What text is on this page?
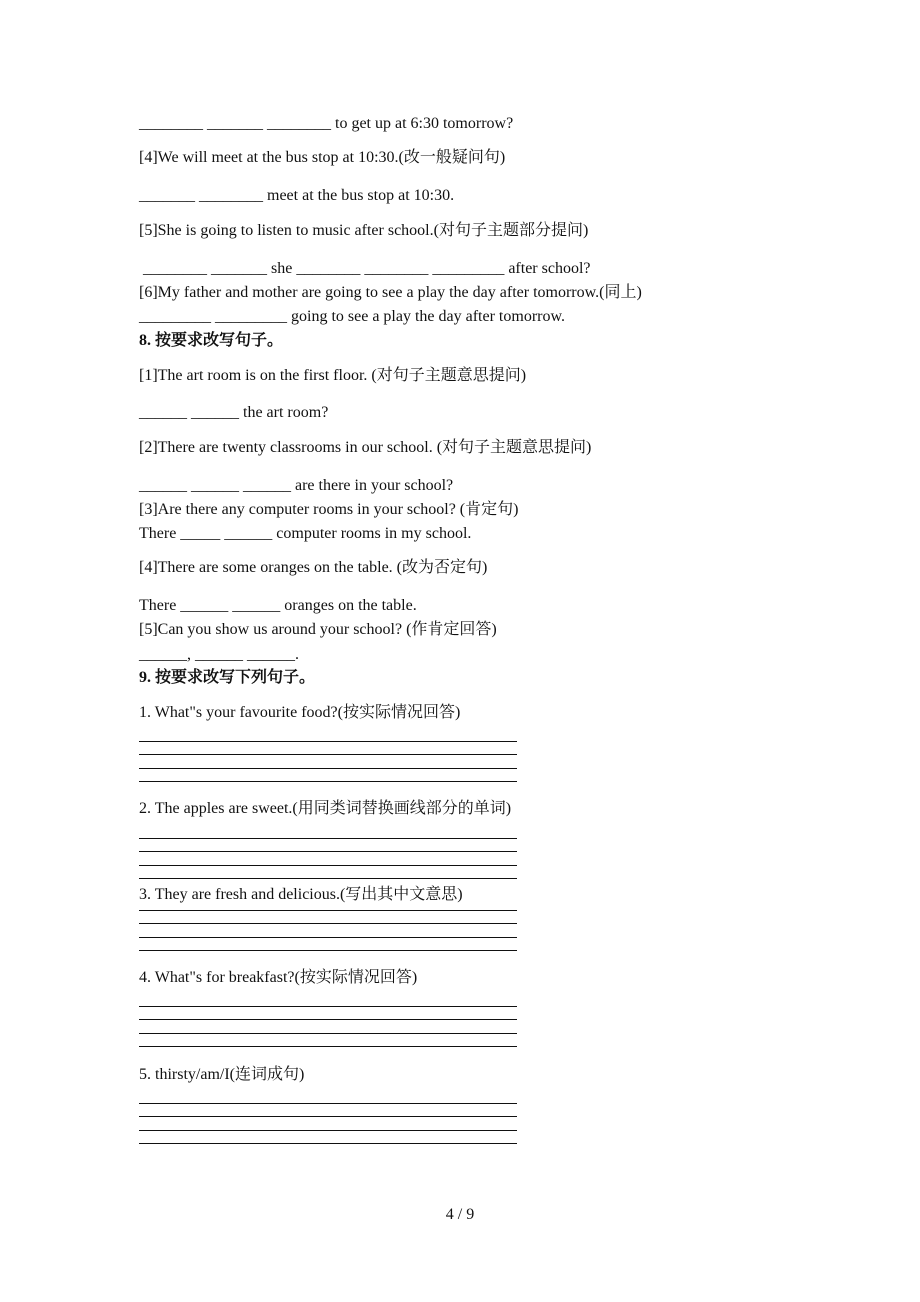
________ _______ ________ to get up at 6:30 tomorrow?
[4]We will meet at the bus stop at 10:30.(改一般疑问句)
_______ ________ meet at the bus stop at 10:30.
[5]She is going to listen to music after school.(对句子主题部分提问)
________ _______ she ________ ________ _________ after school?
[6]My father and mother are going to see a play the day after tomorrow.(同上)
_________ _________ going to see a play the day after tomorrow.
8. 按要求改写句子。
[1]The art room is on the first floor. (对句子主题意思提问)
______ ______ the art room?
[2]There are twenty classrooms in our school. (对句子主题意思提问)
______ ______ ______ are there in your school?
[3]Are there any computer rooms in your school? (肯定句)
There _____ ______ computer rooms in my school.
[4]There are some oranges on the table. (改为否定句)
There ______ ______ oranges on the table.
[5]Can you show us around your school? (作肯定回答)
______, ______ ______.
9. 按要求改写下列句子。
1. What"s your favourite food?(按实际情况回答)
2. The apples are sweet.(用同类词替换画线部分的单词)
3. They are fresh and delicious.(写出其中文意思)
4. What"s for breakfast?(按实际情况回答)
5. thirsty/am/I(连词成句)
4 / 9
